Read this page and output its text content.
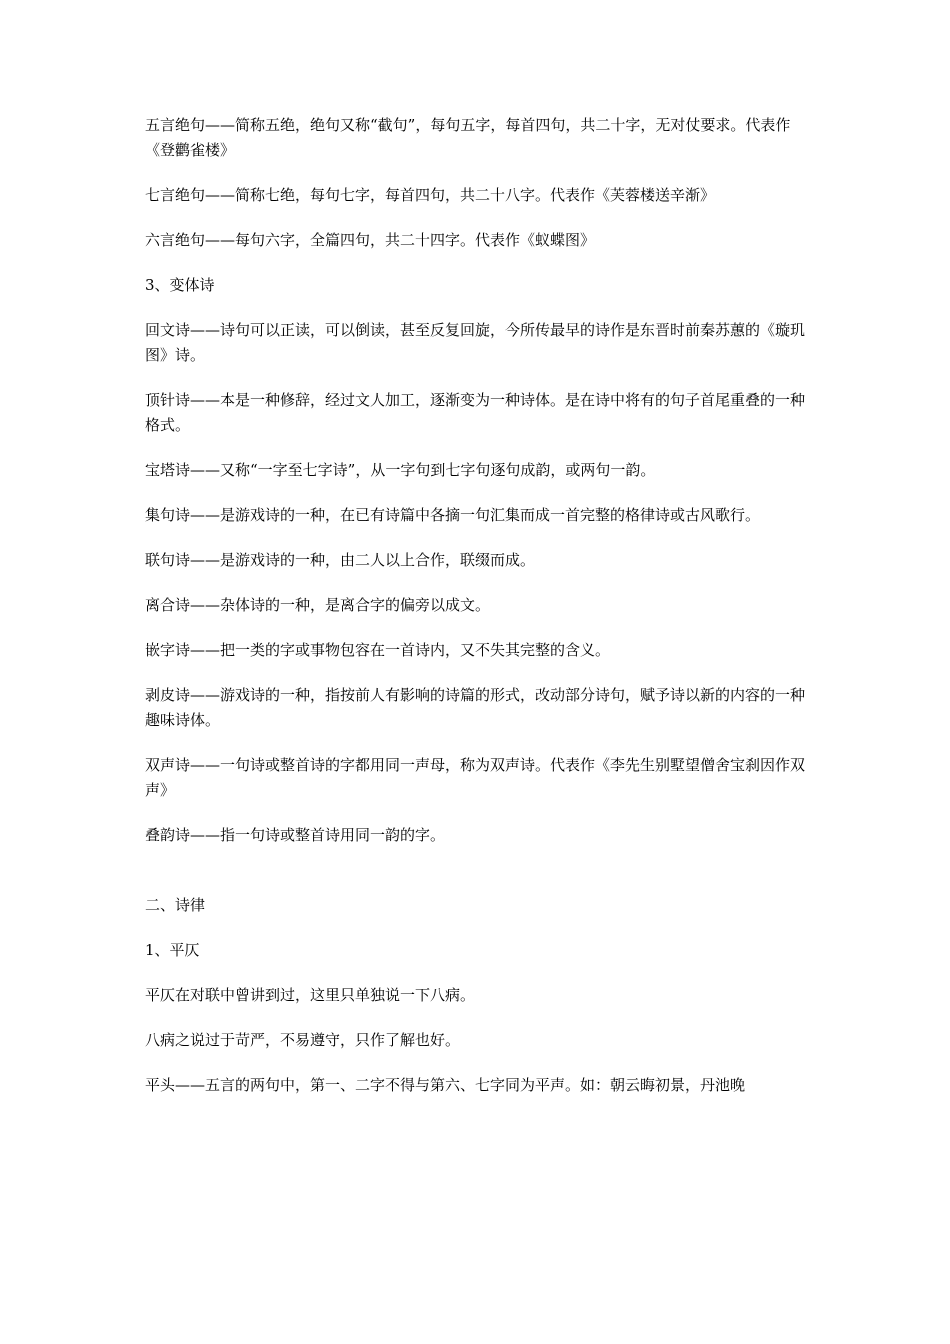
五言绝句——简称五绝，绝句又称“截句”，每句五字，每首四句，共二十字，无对仗要求。代表作《登鹳雀楼》

七言绝句——简称七绝，每句七字，每首四句，共二十八字。代表作《芙蓉楼送辛渐》

六言绝句——每句六字，全篇四句，共二十四字。代表作《蚁蝶图》

3、变体诗

回文诗——诗句可以正读，可以倒读，甚至反复回旋，今所传最早的诗作是东晋时前秦苏蕙的《璇玑图》诗。

顶针诗——本是一种修辞，经过文人加工，逐渐变为一种诗体。是在诗中将有的句子首尾重叠的一种格式。

宝塔诗——又称“一字至七字诗”，从一字句到七字句逐句成韵，或两句一韵。

集句诗——是游戏诗的一种，在已有诗篇中各摘一句汇集而成一首完整的格律诗或古风歌行。

联句诗——是游戏诗的一种，由二人以上合作，联缀而成。

离合诗——杂体诗的一种，是离合字的偏旁以成文。

嵌字诗——把一类的字或事物包容在一首诗内，又不失其完整的含义。

剥皮诗——游戏诗的一种，指按前人有影响的诗篇的形式，改动部分诗句，赋予诗以新的内容的一种趣味诗体。

双声诗——一句诗或整首诗的字都用同一声母，称为双声诗。代表作《李先生别墅望僧舍宝刹因作双声》

叠韵诗——指一句诗或整首诗用同一韵的字。

二、诗律

1、平仄

平仄在对联中曾讲到过，这里只单独说一下八病。

八病之说过于苛严，不易遵守，只作了解也好。

平头——五言的两句中，第一、二字不得与第六、七字同为平声。如：朝云晦初景，丹池晚
